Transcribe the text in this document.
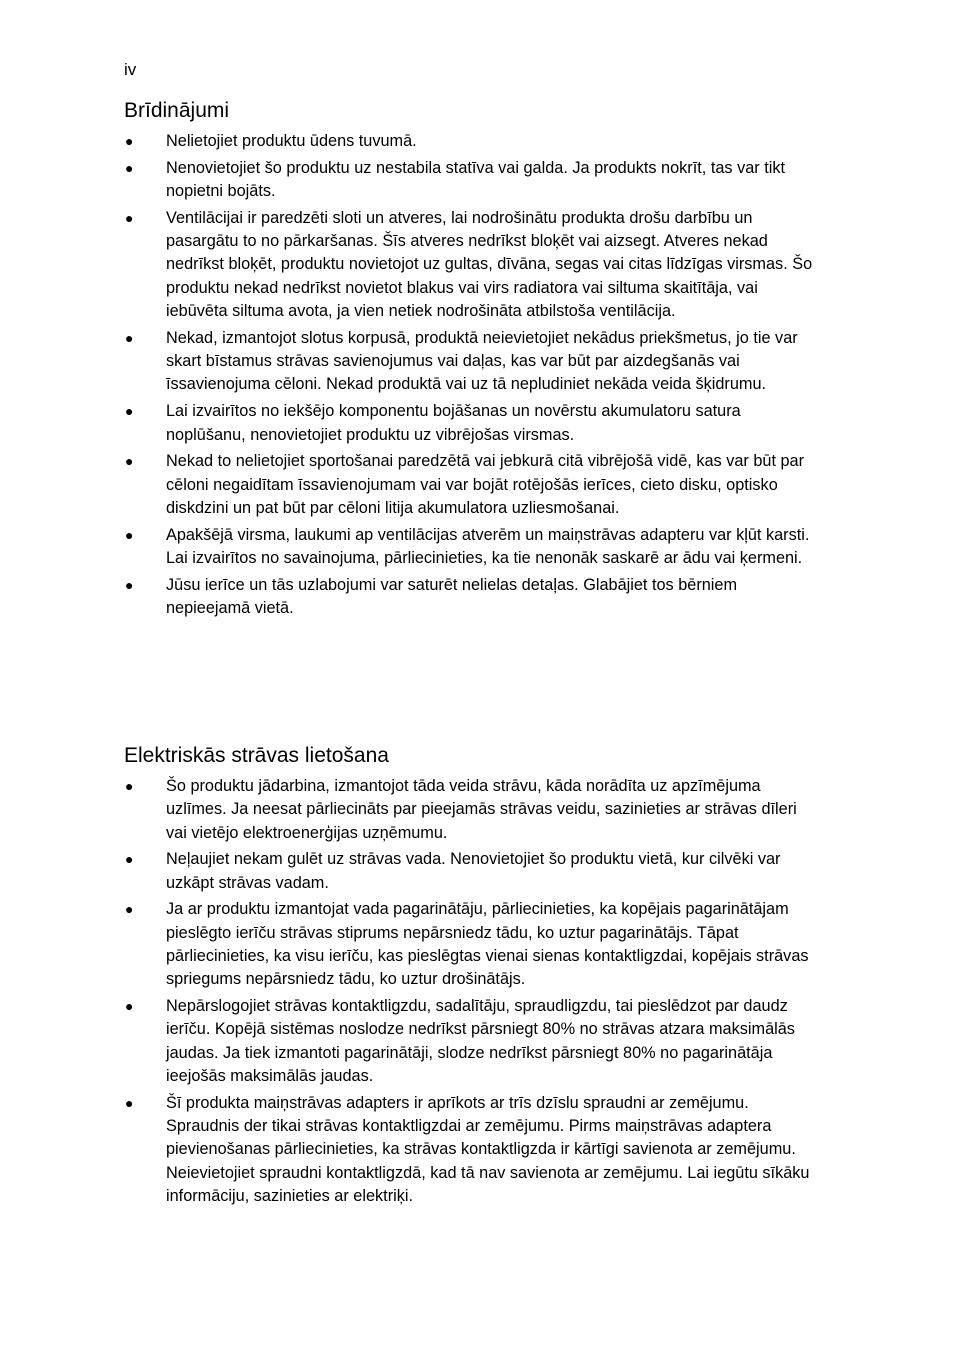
iv
Brīdinājumi
● Nelietojiet produktu ūdens tuvumā.
● Nenovietojiet šo produktu uz nestabila statīva vai galda. Ja produkts nokrīt, tas var tikt nopietni bojāts.
● Ventilācijai ir paredzēti sloti un atveres, lai nodrošinātu produkta drošu darbību un pasargātu to no pārkaršanas. Šīs atveres nedrīkst bloķēt vai aizsegt. Atveres nekad nedrīkst bloķēt, produktu novietojot uz gultas, dīvāna, segas vai citas līdzīgas virsmas. Šo produktu nekad nedrīkst novietot blakus vai virs radiatora vai siltuma skaitītāja, vai iebūvēta siltuma avota, ja vien netiek nodrošināta atbilstoša ventilācija.
● Nekad, izmantojot slotus korpusā, produktā neievietojiet nekādus priekšmetus, jo tie var skart bīstamus strāvas savienojumus vai daļas, kas var būt par aizdegšanās vai īssavienojuma cēloni. Nekad produktā vai uz tā nepludiniet nekāda veida šķidrumu.
● Lai izvairītos no iekšējo komponentu bojāšanas un novērstu akumulatoru satura noplūšanu, nenovietojiet produktu uz vibrējošas virsmas.
● Nekad to nelietojiet sportošanai paredzētā vai jebkurā citā vibrējošā vidē, kas var būt par cēloni negaidītam īssavienojumam vai var bojāt rotējošās ierīces, cieto disku, optisko diskdzini un pat būt par cēloni litija akumulatora uzliesmošanai.
● Apakšējā virsma, laukumi ap ventilācijas atverēm un maiņstrāvas adapteru var kļūt karsti. Lai izvairītos no savainojuma, pārliecinieties, ka tie nenonāk saskarē ar ādu vai ķermeni.
● Jūsu ierīce un tās uzlabojumi var saturēt nelielas detaļas. Glabājiet tos bērniem nepieejamā vietā.
Elektriskās strāvas lietošana
● Šo produktu jādarbina, izmantojot tāda veida strāvu, kāda norādīta uz apzīmējuma uzlīmes. Ja neesat pārliecināts par pieejamās strāvas veidu, sazinieties ar strāvas dīleri vai vietējo elektroenerģijas uzņēmumu.
● Neļaujiet nekam gulēt uz strāvas vada. Nenovietojiet šo produktu vietā, kur cilvēki var uzkāpt strāvas vadam.
● Ja ar produktu izmantojat vada pagarinātāju, pārliecinieties, ka kopējais pagarinātājam pieslēgto ierīču strāvas stiprums nepārsniedz tādu, ko uztur pagarinātājs. Tāpat pārliecinieties, ka visu ierīču, kas pieslēgtas vienai sienas kontaktligzdai, kopējais strāvas spriegums nepārsniedz tādu, ko uztur drošinātājs.
● Nepārslogojiet strāvas kontaktligzdu, sadalītāju, spraudligzdu, tai pieslēdzot par daudz ierīču. Kopējā sistēmas noslodze nedrīkst pārsniegt 80% no strāvas atzara maksimālās jaudas. Ja tiek izmantoti pagarinātāji, slodze nedrīkst pārsniegt 80% no pagarinātāja ieejošās maksimālās jaudas.
● Šī produkta maiņstrāvas adapters ir aprīkots ar trīs dzīslu spraudni ar zemējumu. Spraudnis der tikai strāvas kontaktligzdai ar zemējumu. Pirms maiņstrāvas adaptera pievienošanas pārliecinieties, ka strāvas kontaktligzda ir kārtīgi savienota ar zemējumu. Neievietojiet spraudni kontaktligzdā, kad tā nav savienota ar zemējumu. Lai iegūtu sīkāku informāciju, sazinieties ar elektriķi.
